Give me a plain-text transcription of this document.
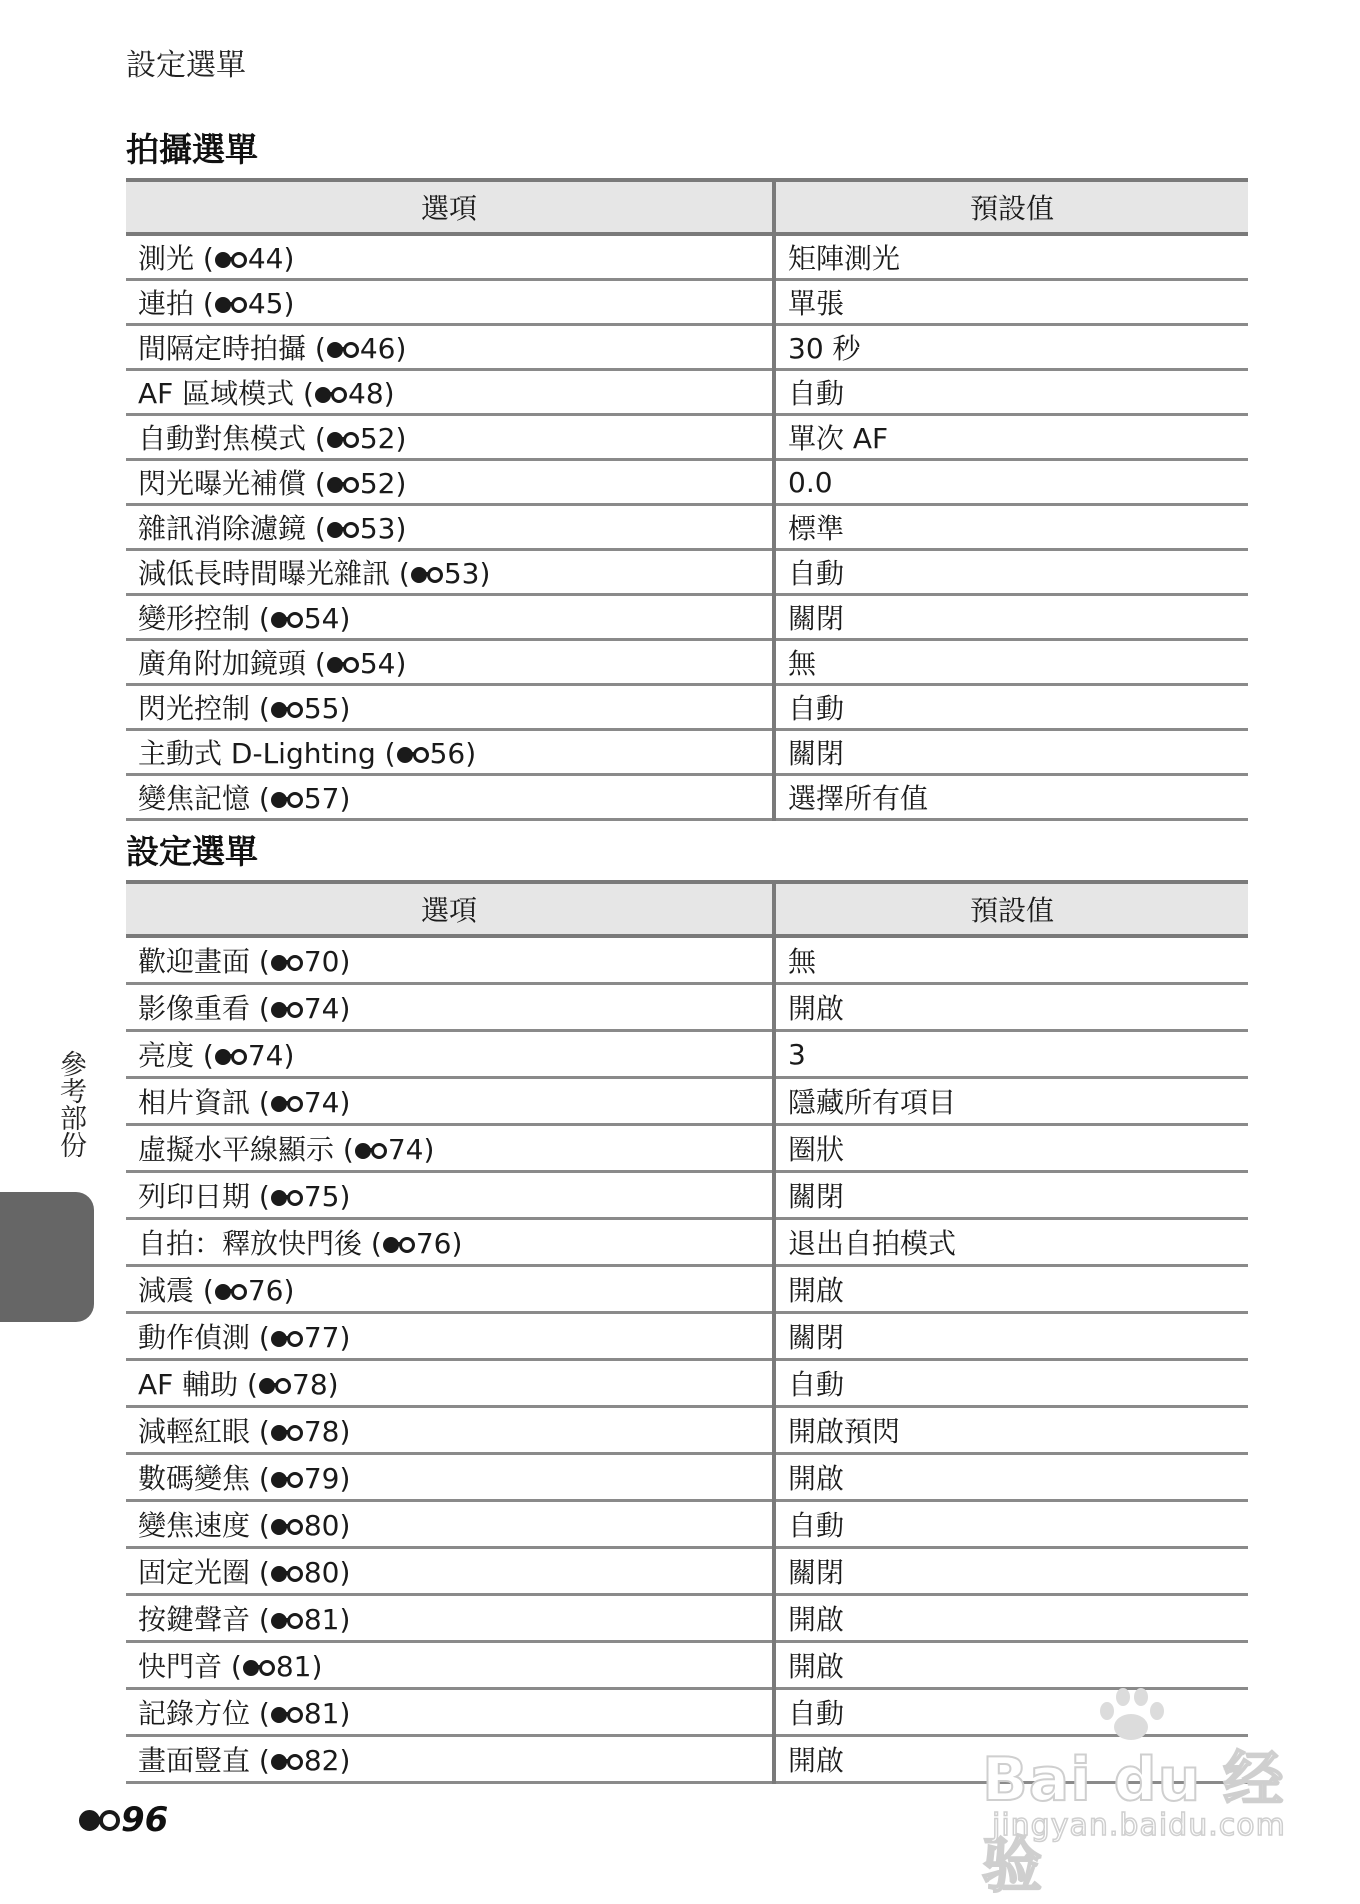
設定選單
拍攝選單
選項	預設值
測光 ( 44)	矩陣測光
連拍 ( 45)	單張
間隔定時拍攝 ( 46)	30 秒
AF 區域模式 ( 48)	自動
自動對焦模式 ( 52)	單次 AF
閃光曝光補償 ( 52)	0.0
雜訊消除濾鏡 ( 53)	標準
減低長時間曝光雜訊 ( 53)	自動
變形控制 ( 54)	關閉
廣角附加鏡頭 ( 54)	無
閃光控制 ( 55)	自動
主動式 D-Lighting ( 56)	關閉
變焦記憶 ( 57)	選擇所有值
設定選單
選項	預設值
歡迎畫面 ( 70)	無
影像重看 ( 74)	開啟
亮度 ( 74)	3
相片資訊 ( 74)	隱藏所有項目
虛擬水平線顯示 ( 74)	圈狀
列印日期 ( 75)	關閉
自拍：釋放快門後 ( 76)	退出自拍模式
減震 ( 76)	開啟
動作偵測 ( 77)	關閉
AF 輔助 ( 78)	自動
減輕紅眼 ( 78)	開啟預閃
數碼變焦 ( 79)	開啟
變焦速度 ( 80)	自動
固定光圈 ( 80)	關閉
按鍵聲音 ( 81)	開啟
快門音 ( 81)	開啟
記錄方位 ( 81)	自動
畫面豎直 ( 82)	開啟
參考部份
96
Bai du 经验
jingyan.baidu.com
